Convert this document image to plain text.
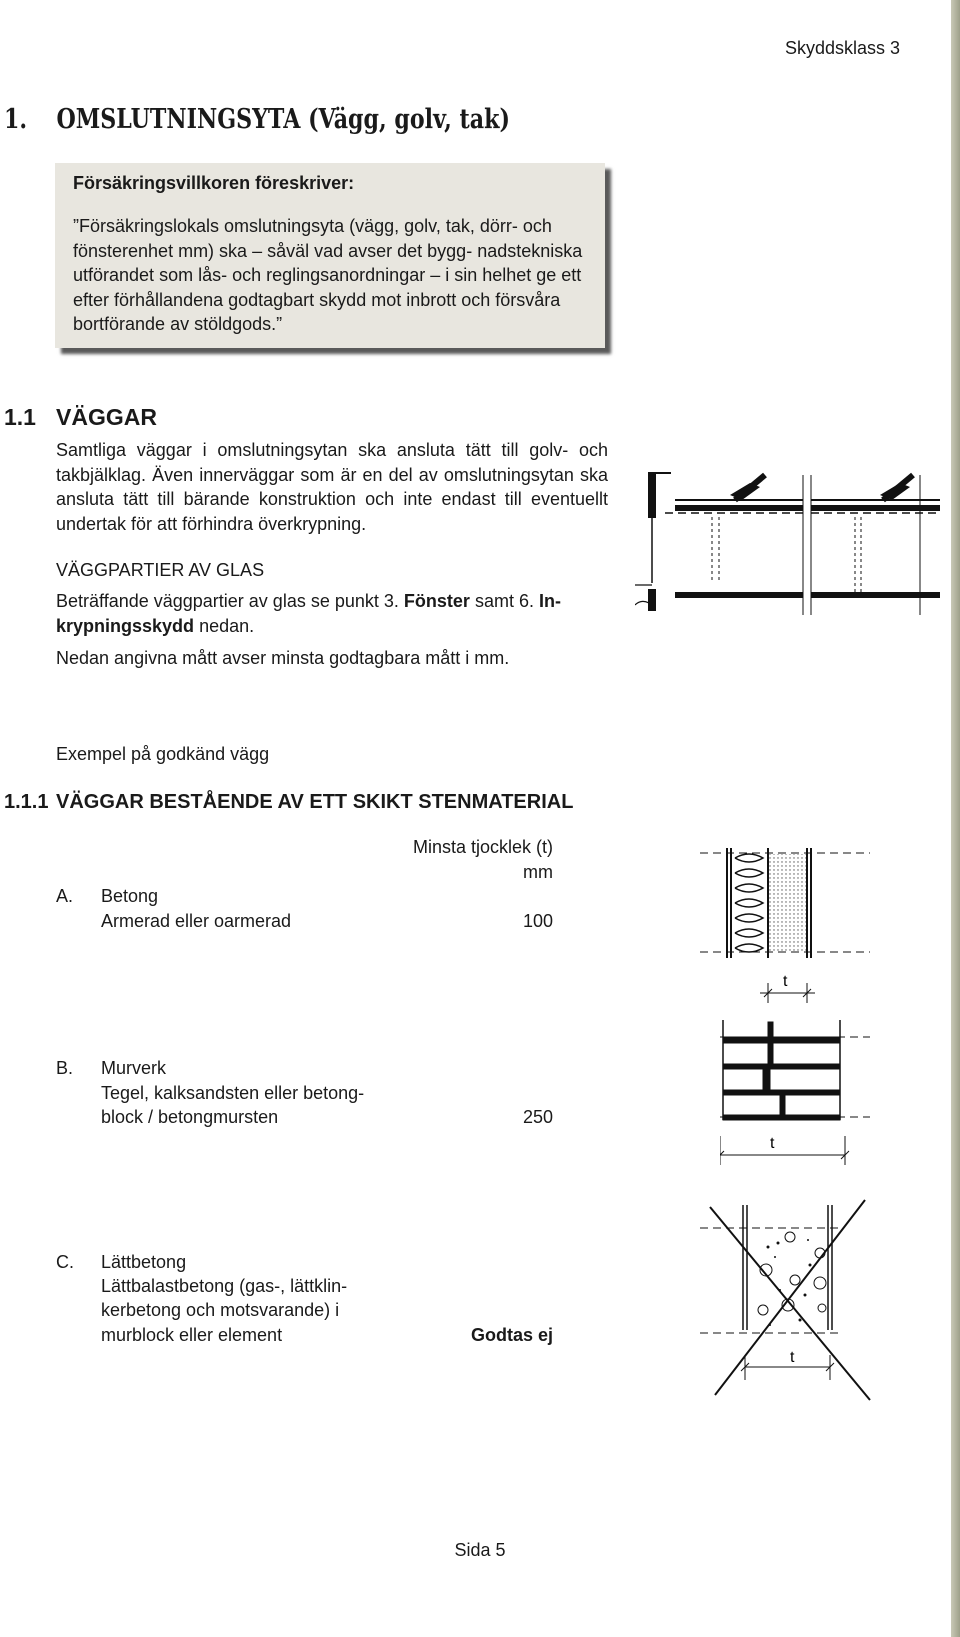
Skyddsklass 3
1. OMSLUTNINGSYTA (Vägg, golv, tak)
Försäkringsvillkoren föreskriver:
”Försäkringslokals omslutningsyta (vägg, golv, tak, dörr- och fönsterenhet mm) ska – såväl vad avser det bygg- nadstekniska utförandet som lås- och reglingsanordningar – i sin helhet ge ett efter förhållandena godtagbart skydd mot inbrott och försvåra bortförande av stöldgods.”
1.1 VÄGGAR
Samtliga väggar i omslutningsytan ska ansluta tätt till golv- och takbjälklag. Även innerväggar som är en del av omslutningsytan ska ansluta tätt till bärande konstruktion och inte endast till eventuellt undertak för att förhindra överkrypning.
VÄGGPARTIER AV GLAS
Beträffande väggpartier av glas se punkt 3. Fönster samt 6. In- krypningsskydd nedan.
Nedan angivna mått avser minsta godtagbara mått i mm.
Exempel på godkänd vägg
1.1.1 VÄGGAR BESTÅENDE AV ETT SKIKT STENMATERIAL
Minsta tjocklek (t)
mm
A. Betong
Armerad eller oarmerad	100
B. Murverk
Tegel, kalksandsten eller betong-
block / betongmursten	250
C. Lättbetong
Lättbalastbetong (gas-, lättklin-
kerbetong och motsvarande) i
murblock eller element	Godtas ej
t
t
t
Sida 5
